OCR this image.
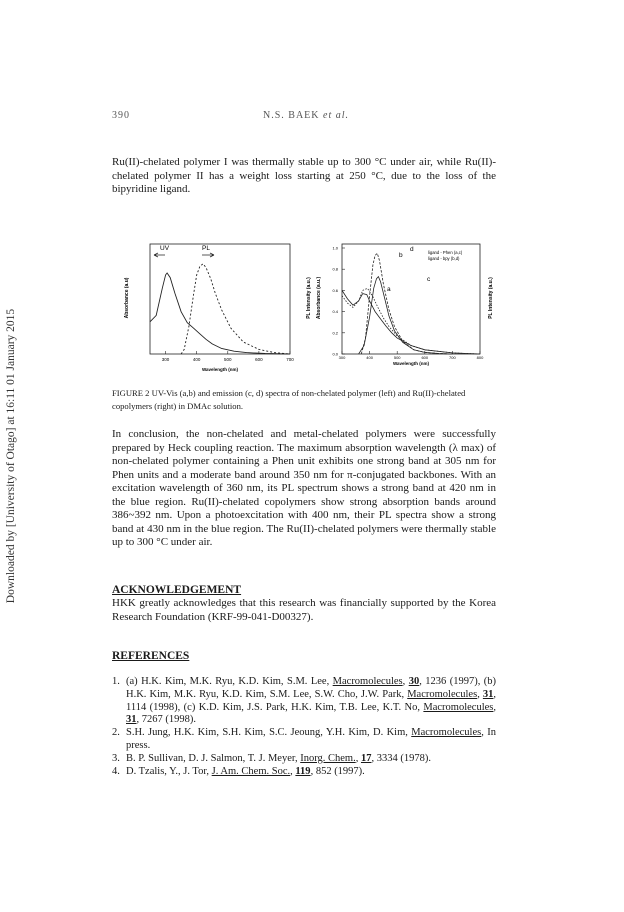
Downloaded by [University of Otago] at 16:11 01 January 2015
390	N.S. BAEK et al.

Ru(II)-chelated polymer I was thermally stable up to 300 °C under air, while Ru(II)-chelated polymer II has a weight loss starting at 250 °C, due to the loss of the bipyridine ligand.

Absorbance (a.u)	PL Intensity (a.u.)
Wavelength (nm)
UV	PL
300	400	500	600	700
Absorbance (a.u.)	PL Intensity (a.u.)
Wavelength (nm)
ligand - Phen (a,c)
ligand - bpy (b,d)
1.0
0.8
0.6
0.4
0.2
0.0
300	400	500	600	700	800
a
b
c
d
FIGURE 2 UV-Vis (a,b) and emission (c, d) spectra of non-chelated polymer (left) and Ru(II)-chelated copolymers (right) in DMAc solution.

In conclusion, the non-chelated and metal-chelated polymers were successfully prepared by Heck coupling reaction. The maximum absorption wavelength (λ max) of non-chelated polymer containing a Phen unit exhibits one strong band at 305 nm for Phen units and a moderate band around 350 nm for π-conjugated backbones. With an excitation wavelength of 360 nm, its PL spectrum shows a strong band at 420 nm in the blue region. Ru(II)-chelated copolymers show strong absorption bands around 386~392 nm. Upon a photoexcitation with 400 nm, their PL spectra show a strong band at 430 nm in the blue region. The Ru(II)-chelated polymers were thermally stable up to 300 °C under air.

ACKNOWLEDGEMENT
HKK greatly acknowledges that this research was financially supported by the Korea Research Foundation (KRF-99-041-D00327).
REFERENCES
1. (a) H.K. Kim, M.K. Ryu, K.D. Kim, S.M. Lee, Macromolecules, 30, 1236 (1997), (b) H.K. Kim, M.K. Ryu, K.D. Kim, S.M. Lee, S.W. Cho, J.W. Park, Macromolecules, 31, 1114 (1998), (c) K.D. Kim, J.S. Park, H.K. Kim, T.B. Lee, K.T. No, Macromolecules, 31, 7267 (1998).
2. S.H. Jung, H.K. Kim, S.H. Kim, S.C. Jeoung, Y.H. Kim, D. Kim, Macromolecules, In press.
3. B. P. Sullivan, D. J. Salmon, T. J. Meyer, Inorg. Chem., 17, 3334 (1978).
4. D. Tzalis, Y., J. Tor, J. Am. Chem. Soc., 119, 852 (1997).
